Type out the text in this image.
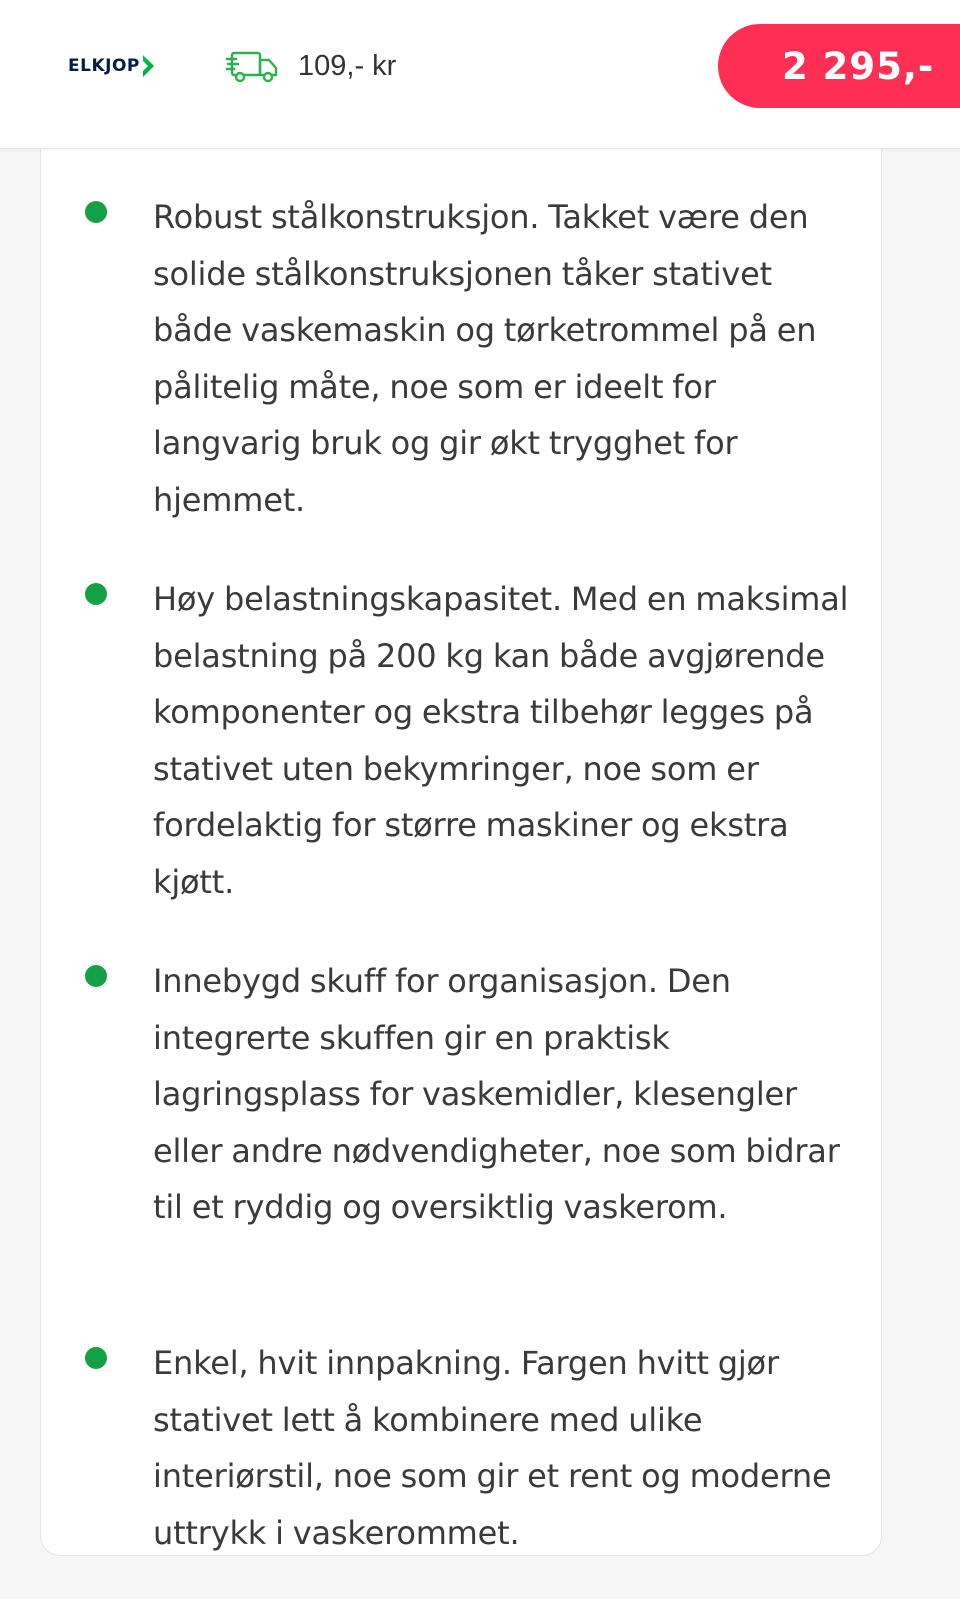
Robust stålkonstruksjon. Takket være den solide stålkonstruksjonen tåker stativet både vaskemaskin og tørketrommel på en pålitelig måte, noe som er ideelt for langvarig bruk og gir økt trygghet for hjemmet.
Høy belastningskapasitet. Med en maksimal belastning på 200 kg kan både avgjørende komponenter og ekstra tilbehør legges på stativet uten bekymringer, noe som er fordelaktig for større maskiner og ekstra kjøtt.
Innebygd skuff for organisasjon. Den integrerte skuffen gir en praktisk lagringsplass for vaskemidler, klesengler eller andre nødvendigheter, noe som bidrar til et ryddig og oversiktlig vaskerom.
Enkel, hvit innpakning. Fargen hvitt gjør stativet lett å kombinere med ulike interiørstil, noe som gir et rent og moderne uttrykk i vaskerommet.
ELKJOP	109,- kr	2 295,-
